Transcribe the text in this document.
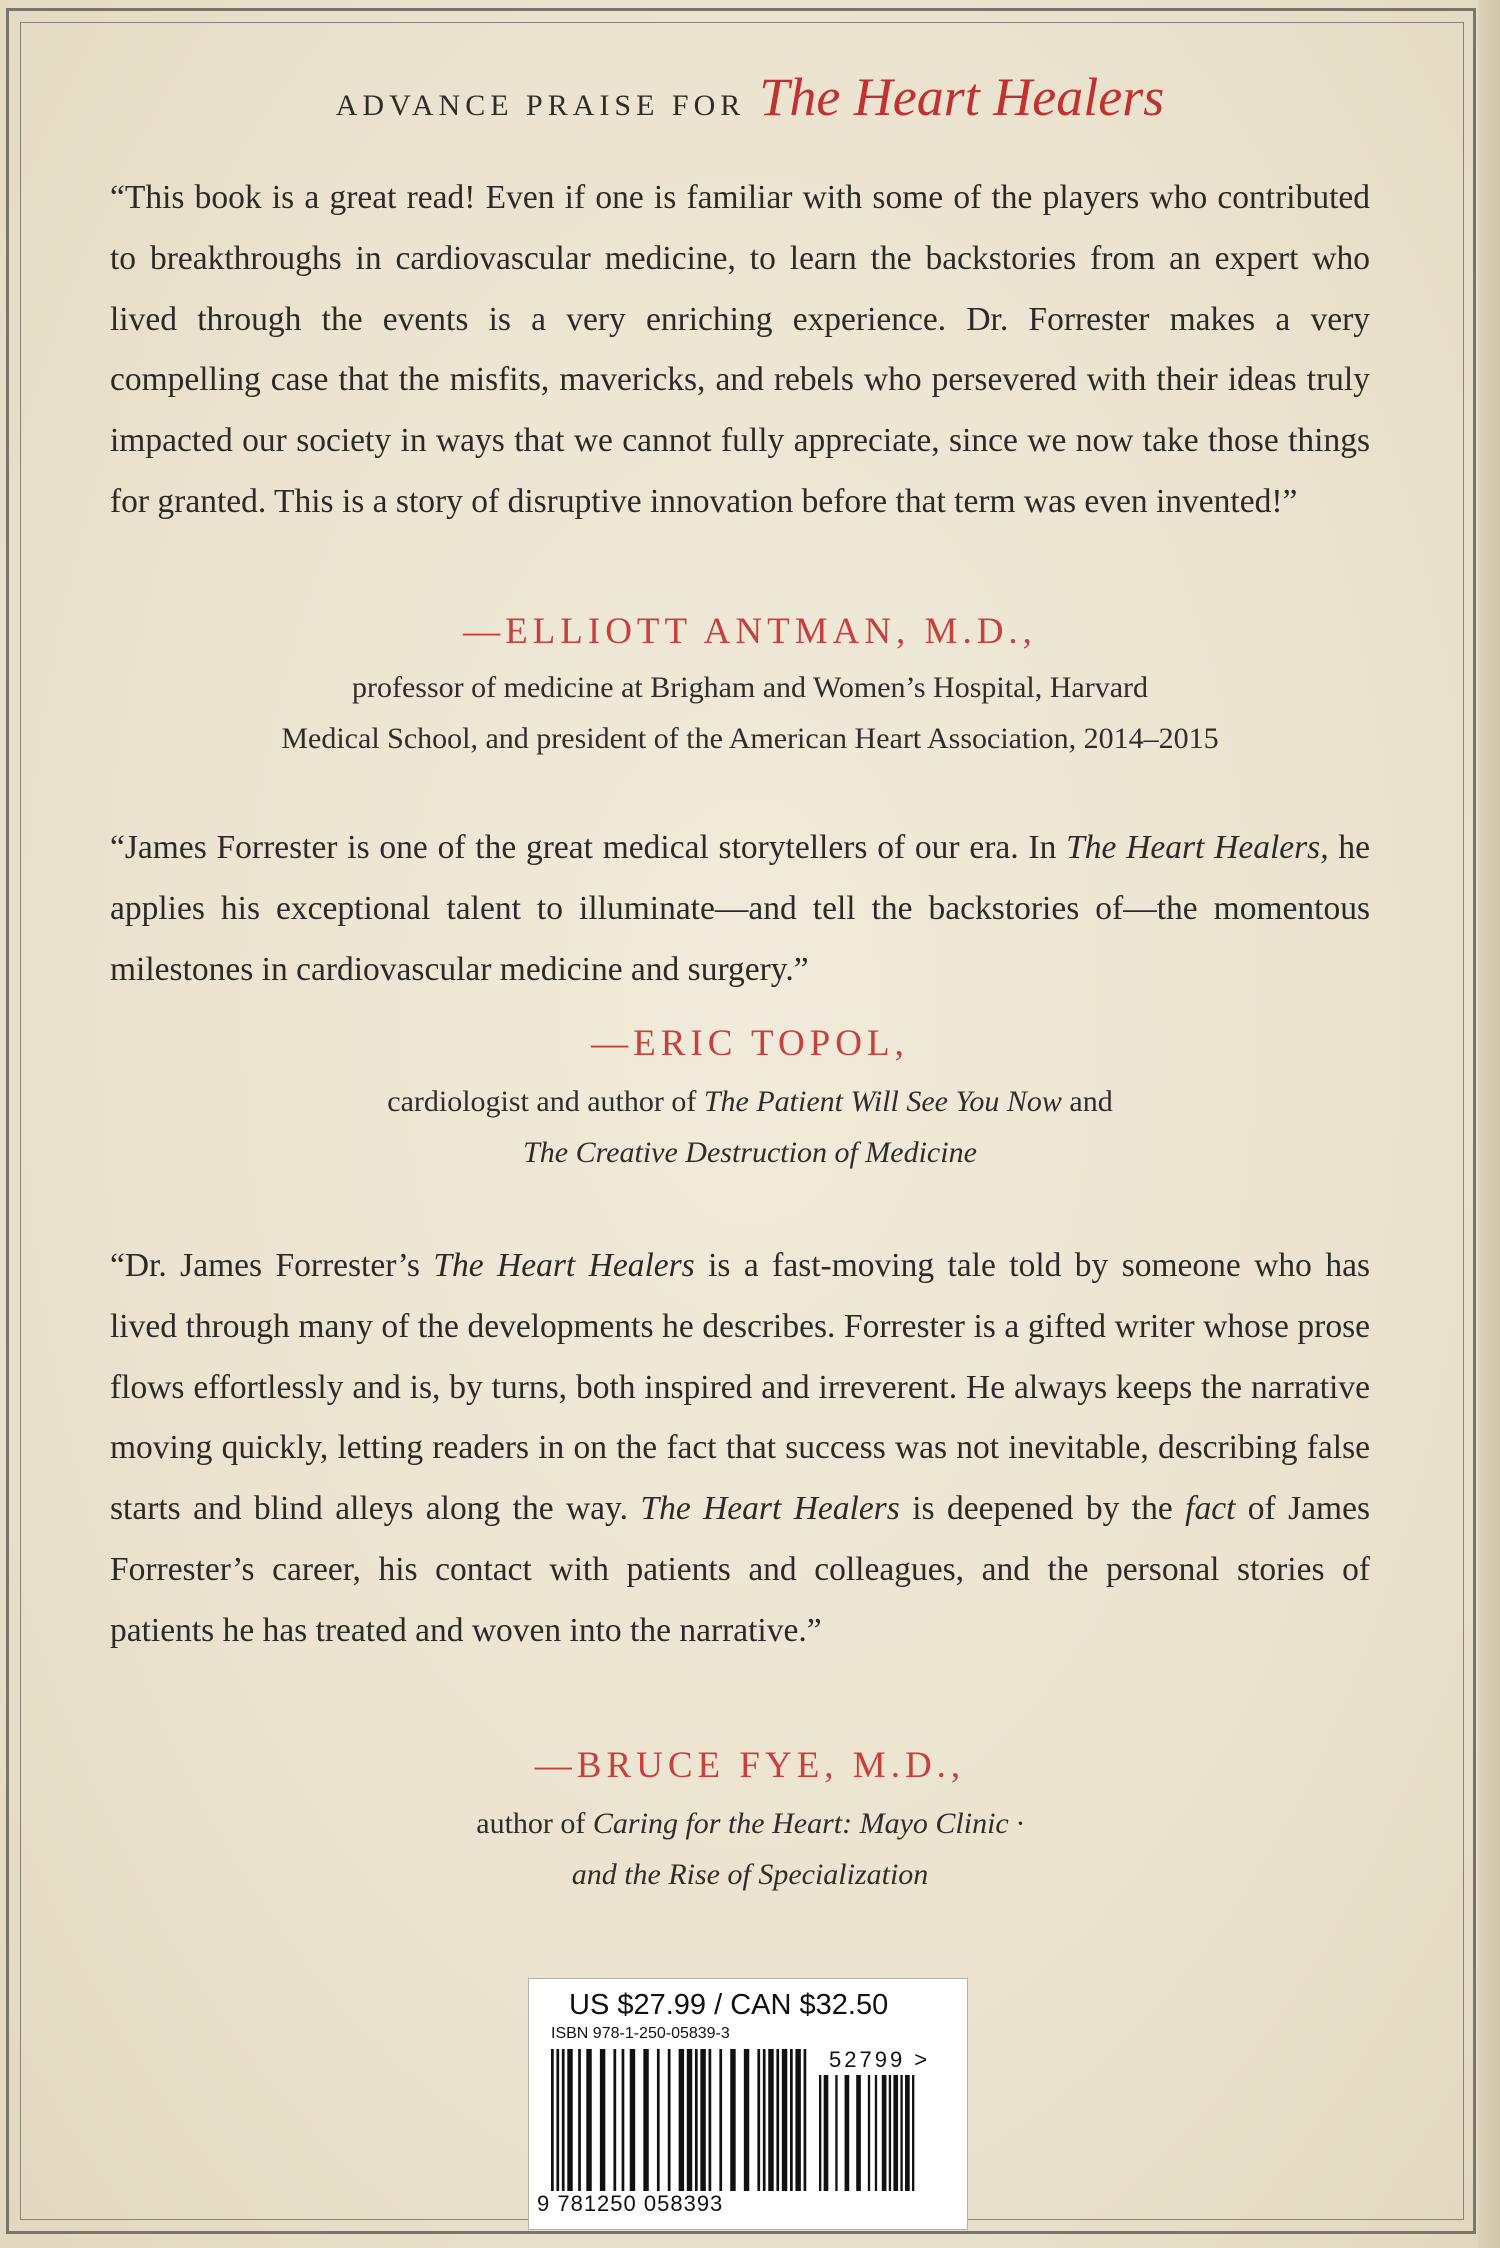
ADVANCE PRAISE FOR The Heart Healers
“This book is a great read! Even if one is familiar with some of the players who contributed to breakthroughs in cardiovascular medicine, to learn the backstories from an expert who lived through the events is a very enriching experience. Dr. Forrester makes a very compelling case that the misfits, mavericks, and rebels who persevered with their ideas truly impacted our society in ways that we cannot fully appreciate, since we now take those things for granted. This is a story of disruptive innovation before that term was even invented!”
—ELLIOTT ANTMAN, M.D.,
professor of medicine at Brigham and Women’s Hospital, Harvard
Medical School, and president of the American Heart Association, 2014–2015
“James Forrester is one of the great medical storytellers of our era. In The Heart Healers, he applies his exceptional talent to illuminate—and tell the backstories of—the momentous milestones in cardiovascular medicine and surgery.”
—ERIC TOPOL,
cardiologist and author of The Patient Will See You Now and
The Creative Destruction of Medicine
“Dr. James Forrester’s The Heart Healers is a fast-moving tale told by someone who has lived through many of the developments he describes. Forrester is a gifted writer whose prose flows effortlessly and is, by turns, both inspired and irreverent. He always keeps the narrative moving quickly, letting readers in on the fact that success was not inevitable, describing false starts and blind alleys along the way. The Heart Healers is deepened by the fact of James Forrester’s career, his contact with patients and colleagues, and the personal stories of patients he has treated and woven into the narrative.”
—BRUCE FYE, M.D.,
author of Caring for the Heart: Mayo Clinic ·
and the Rise of Specialization
US $27.99 / CAN $32.50
ISBN 978-1-250-05839-3
52799 >
9 781250 058393
